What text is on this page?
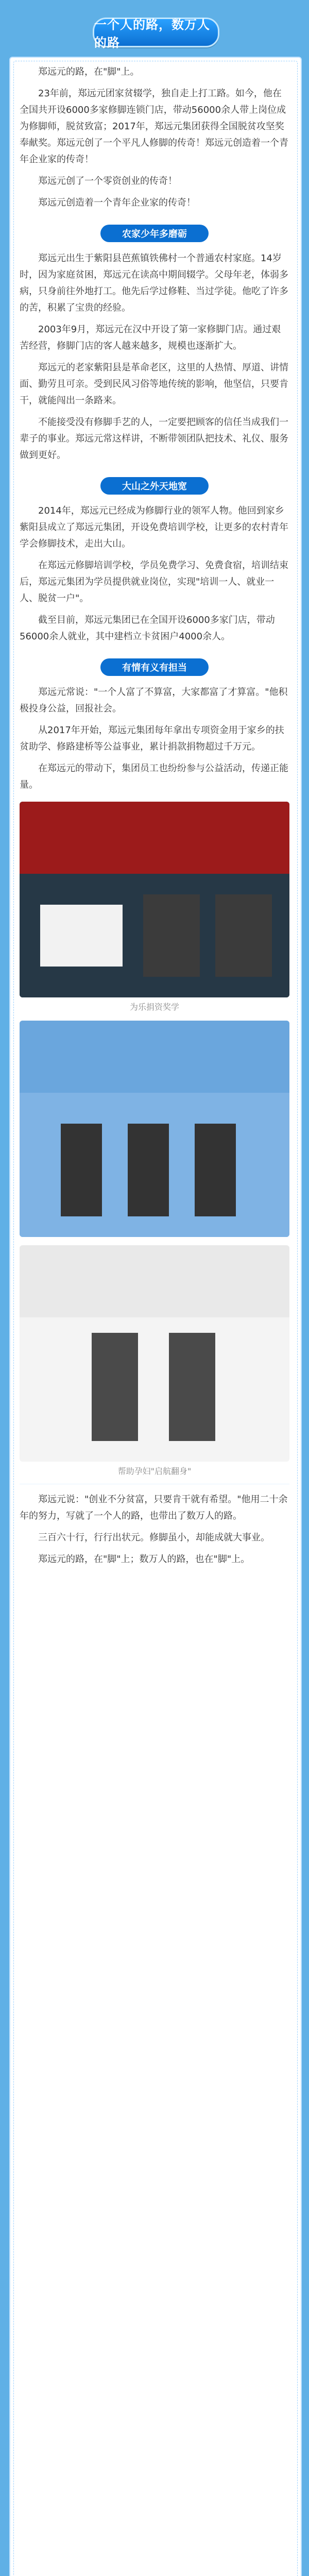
一个人的路，数万人的路

郑远元的路，在"脚"上。

23年前，郑远元团家贫辍学，独自走上打工路。如今，他在全国共开设6000多家修脚连锁门店，带动56000余人带上岗位成为修脚师，脱贫致富；2017年，郑远元集团获得全国脱贫攻坚奖奉献奖。郑远元创了一个平凡人修脚的传奇！郑远元创造着一个青年企业家的传奇！

郑远元创了一个零资创业的传奇！

郑远元创造着一个青年企业家的传奇！

农家少年多磨砺

郑远元出生于紫阳县芭蕉镇铁佛村一个普通农村家庭。14岁时，因为家庭贫困，郑远元在读高中期间辍学。父母年老，体弱多病，只身前往外地打工。他先后学过修鞋、当过学徒。他吃了许多的苦，积累了宝贵的经验。

2003年9月，郑远元在汉中开设了第一家修脚门店。通过艰苦经营，修脚门店的客人越来越多，规模也逐渐扩大。

郑远元的老家紫阳县是革命老区，这里的人热情、厚道、讲情面、勤劳且可亲。受到民风习俗等地传统的影响，他坚信，只要肯干，就能闯出一条路来。

不能接受没有修脚手艺的人，一定要把顾客的信任当成我们一辈子的事业。郑远元常这样讲，不断带领团队把技术、礼仪、服务做到更好。

大山之外天地宽

2014年，郑远元已经成为修脚行业的领军人物。他回到家乡紫阳县成立了郑远元集团，开设免费培训学校，让更多的农村青年学会修脚技术，走出大山。

在郑远元修脚培训学校，学员免费学习、免费食宿，培训结束后，郑远元集团为学员提供就业岗位，实现"培训一人、就业一人、脱贫一户"。

截至目前，郑远元集团已在全国开设6000多家门店，带动56000余人就业，其中建档立卡贫困户4000余人。

有情有义有担当

郑远元常说："一个人富了不算富，大家都富了才算富。"他积极投身公益，回报社会。

从2017年开始，郑远元集团每年拿出专项资金用于家乡的扶贫助学、修路建桥等公益事业，累计捐款捐物超过千万元。

在郑远元的带动下，集团员工也纷纷参与公益活动，传递正能量。

为乐捐资奖学
帮助孕妇"启航翻身"

郑远元说："创业不分贫富，只要肯干就有希望。"他用二十余年的努力，写就了一个人的路，也带出了数万人的路。

三百六十行，行行出状元。修脚虽小，却能成就大事业。

郑远元的路，在"脚"上；数万人的路，也在"脚"上。
